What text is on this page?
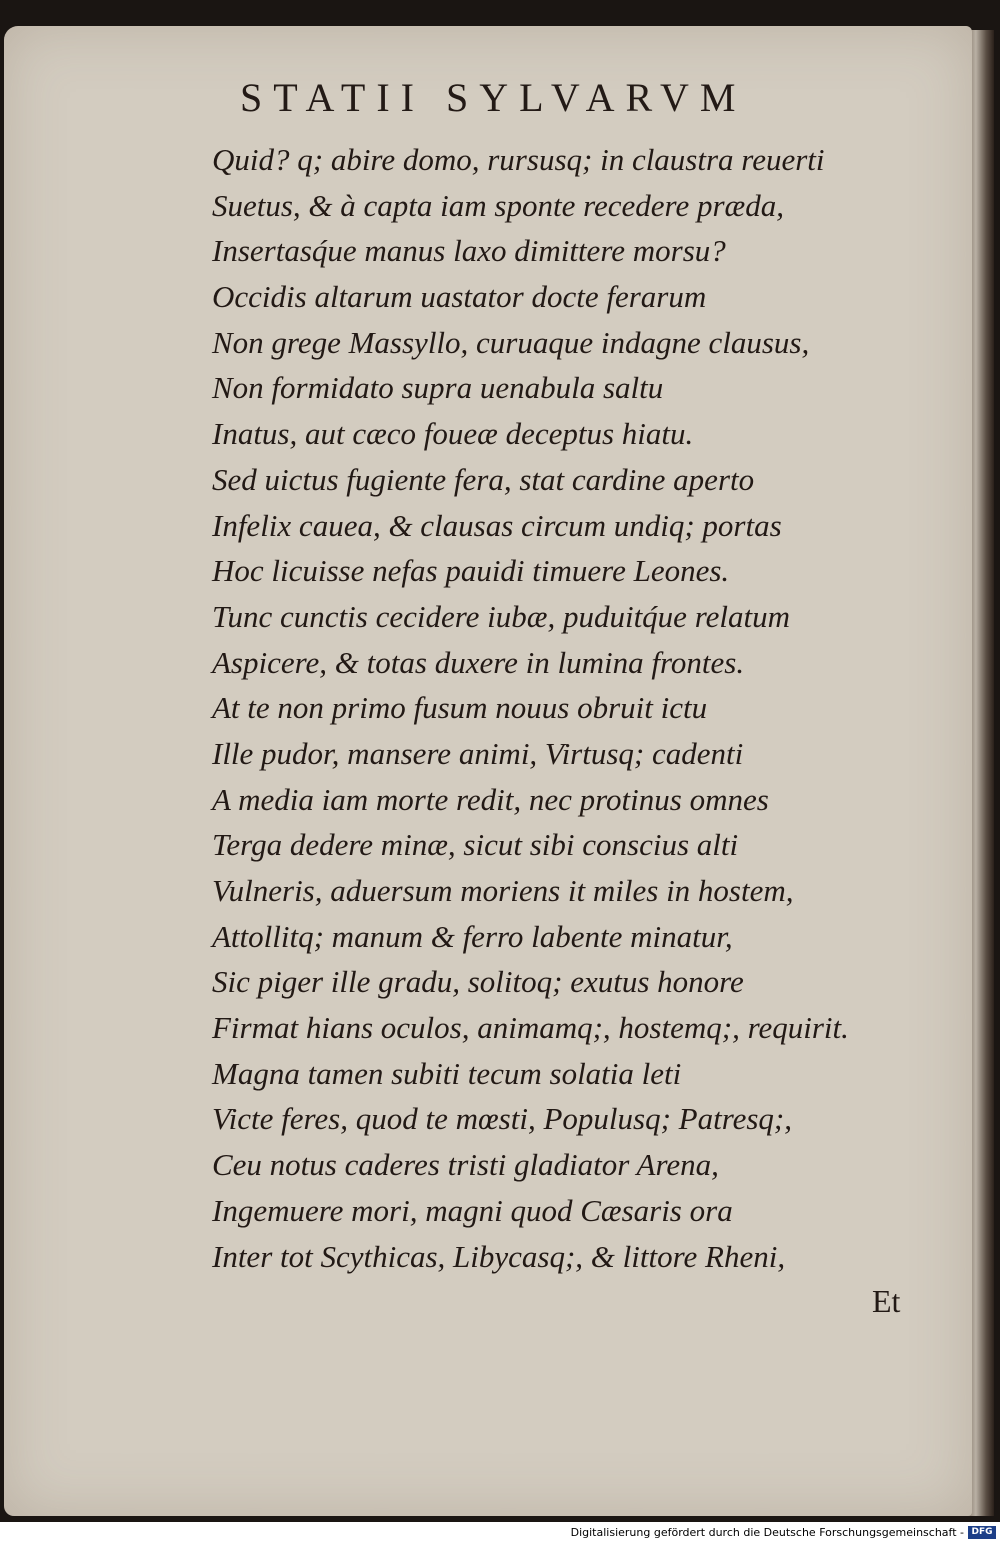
STATII SYLVARVM
Quid? q; abire domo, rursusq; in claustra reuerti
Suetus, & à capta iam sponte recedere præda,
Insertasq́ue manus laxo dimittere morsu?
Occidis altarum uastator docte ferarum
Non grege Massyllo, curuaque indagne clausus,
Non formidato supra uenabula saltu
Inatus, aut cæco foueæ deceptus hiatu.
Sed uictus fugiente fera, stat cardine aperto
Infelix cauea, & clausas circum undiq; portas
Hoc licuisse nefas pauidi timuere Leones.
Tunc cunctis cecidere iubæ, puduitq́ue relatum
Aspicere, & totas duxere in lumina frontes.
At te non primo fusum nouus obruit ictu
Ille pudor, mansere animi, Virtusq; cadenti
A media iam morte redit, nec protinus omnes
Terga dedere minæ, sicut sibi conscius alti
Vulneris, aduersum moriens it miles in hostem,
Attollitq; manum & ferro labente minatur,
Sic piger ille gradu, solitoq; exutus honore
Firmat hians oculos, animamq;, hostemq;, requirit.
Magna tamen subiti tecum solatia leti
Victe feres, quod te mœsti, Populusq; Patresq;,
Ceu notus caderes tristi gladiator Arena,
Ingemuere mori, magni quod Cæsaris ora
Inter tot Scythicas, Libycasq;, & littore Rheni,
Et
Digitalisierung gefördert durch die Deutsche Forschungsgemeinschaft - DFG
